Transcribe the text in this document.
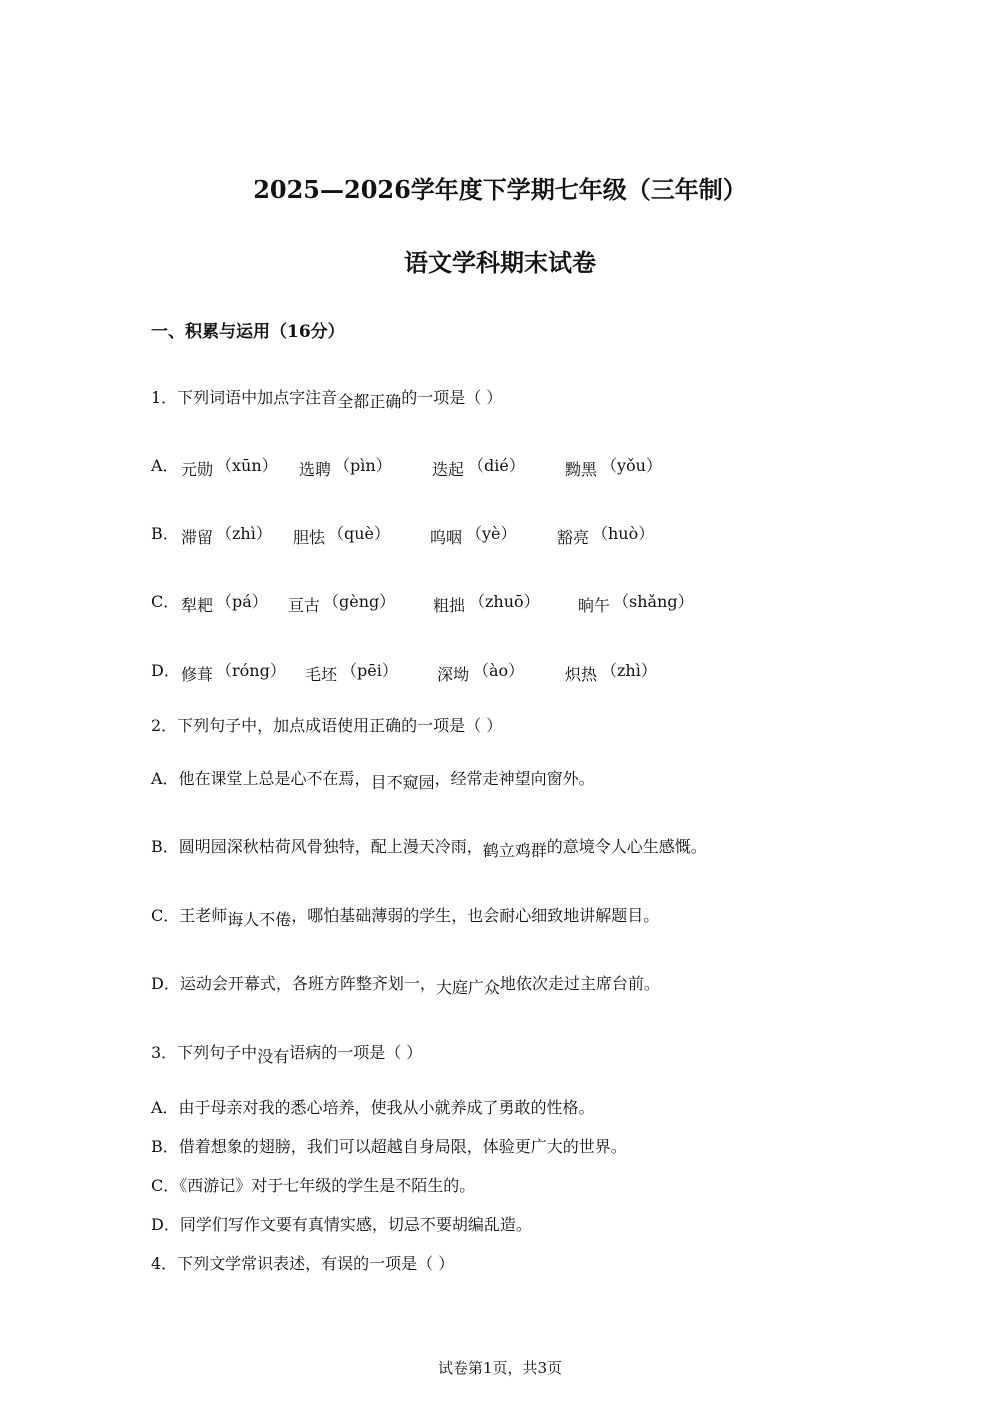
2025—2026学年度下学期七年级（三年制）
语文学科期末试卷
一、积累与运用（16分）
1．下列词语中加点字注音全都正确的一项是（ ）
A． 元勋 （xūn） 选聘 （pìn）	迭起 （dié）	黝黑 （yǒu）
B． 滞留 （zhì） 胆怯 （què） 呜咽 （yè）	豁亮 （huò）
C． 犁耙 （pá） 亘古 （gèng） 粗拙 （zhuō） 晌午 （shǎng）
D． 修葺 （róng） 毛坯 （pēi） 深坳 （ào）	炽热 （zhì）
2．下列句子中，加点成语使用正确的一项是（ ）
A．他在课堂上总是心不在焉，目不窥园，经常走神望向窗外。
B．圆明园深秋枯荷风骨独特，配上漫天冷雨，鹤立鸡群的意境令人心生感慨。
C．王老师诲人不倦，哪怕基础薄弱的学生，也会耐心细致地讲解题目。
D．运动会开幕式，各班方阵整齐划一，大庭广众地依次走过主席台前。
3．下列句子中没有语病的一项是（ ）
A．由于母亲对我的悉心培养，使我从小就养成了勇敢的性格。
B．借着想象的翅膀，我们可以超越自身局限，体验更广大的世界。
C．《西游记》对于七年级的学生是不陌生的。
D．同学们写作文要有真情实感，切忌不要胡编乱造。
4．下列文学常识表述，有误的一项是（ ）
试卷第1页，共3页
